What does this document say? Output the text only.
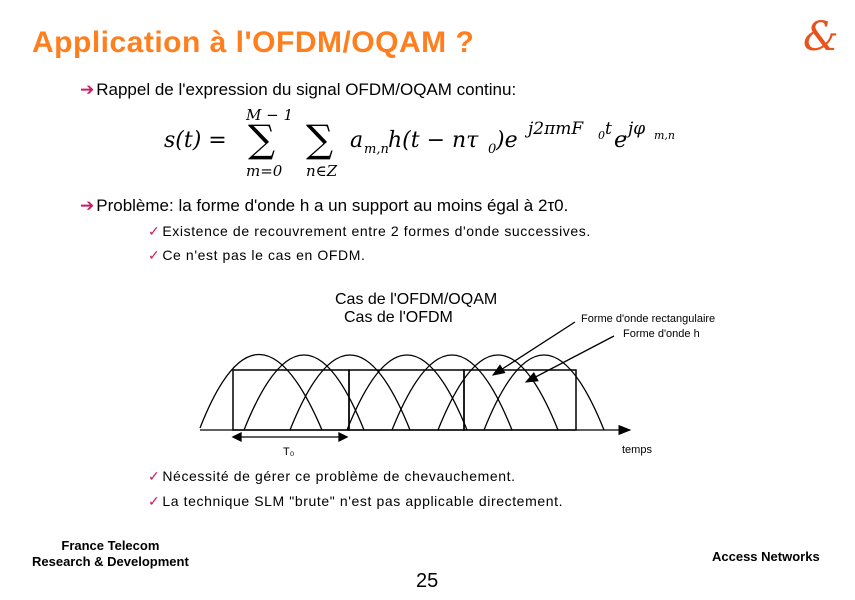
Application à l'OFDM/OQAM ?	&
➔ Rappel de l'expression du signal OFDM/OQAM continu:
s(t) =
M − 1
∑
m=0
∑
n∈Z
a m,n h(t − nτ 0 )e j2πmF 0 t e jφ m,n
➔ Problème: la forme d'onde h a un support au moins égal à 2τ0.
✓ Existence de recouvrement entre 2 formes d'onde successives.
✓ Ce n'est pas le cas en OFDM.
Cas de l'OFDM/OQAM
Cas de l'OFDM	Forme d'onde rectangulaire
Forme d'onde h
T₀	temps
✓ Nécessité de gérer ce problème de chevauchement.
✓ La technique SLM "brute" n'est pas applicable directement.
France Telecom
Research & Development
25
Access Networks
